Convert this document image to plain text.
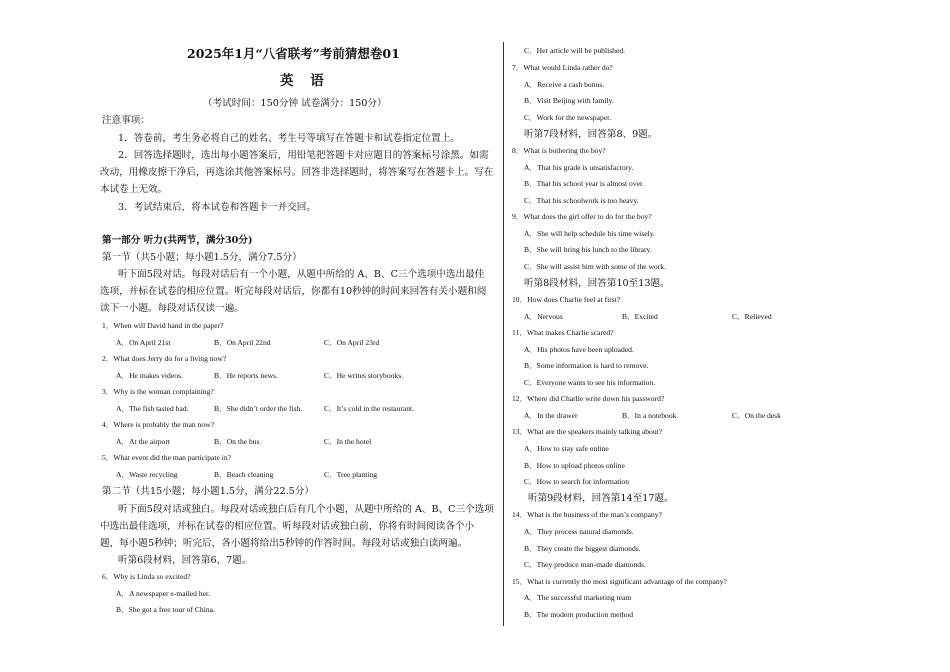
2025年1月“八省联考”考前猜想卷01
英 语
（考试时间：150分钟 试卷满分：150分）
注意事项：
1．答卷前，考生务必将自己的姓名、考生号等填写在答题卡和试卷指定位置上。
2．回答选择题时，选出每小题答案后，用铅笔把答题卡对应题目的答案标号涂黑。如需
改动，用橡皮擦干净后，再选涂其他答案标号。回答非选择题时，将答案写在答题卡上。写在
本试卷上无效。
3．考试结束后，将本试卷和答题卡一并交回。
第一部分 听力(共两节，满分30分)
第一节（共5小题；每小题1.5分，满分7.5分）
听下面5段对话。每段对话后有一个小题，从题中所给的 A、B、C三个选项中选出最佳
选项，并标在试卷的相应位置。听完每段对话后，你都有10秒钟的时间来回答有关小题和阅
读下一小题。每段对话仅读一遍。
1．When will David hand in the paper?
A．On April 21st	B．On April 22nd	C．On April 23rd
2．What does Jerry do for a living now?
A．He makes videos.	B．He reports news.	C．He writes storybooks.
3．Why is the woman complaining?
A．The fish tasted bad.	B．She didn’t order the fish.	C．It’s cold in the restaurant.
4．Where is probably the man now?
A．At the airport	B．On the bus	C．In the hotel
5．What event did the man participate in?
A．Waste recycling	B．Beach cleaning	C．Tree planting
第二节（共15小题；每小题1.5分，满分22.5分）
听下面5段对话或独白。每段对话或独白后有几个小题，从题中所给的 A、B、C三个选项
中选出最佳选项，并标在试卷的相应位置。听每段对话或独白前，你将有时间阅读各个小
题，每小题5秒钟；听完后，各小题将给出5秒钟的作答时间。每段对话或独白读两遍。
听第6段材料，回答第6、7题。
6．Why is Linda so excited?
A．A newspaper e-mailed her.
B．She got a free tour of China.
C．Her article will be published.
7．What would Linda rather do?
A．Receive a cash bonus.
B．Visit Beijing with family.
C．Work for the newspaper.
听第7段材料，回答第8、9题。
8．What is bothering the boy?
A．That his grade is unsatisfactory.
B．That his school year is almost over.
C．That his schoolwork is too heavy.
9．What does the girl offer to do for the boy?
A．She will help schedule his time wisely.
B．She will bring his lunch to the library.
C．She will assist him with some of the work.
听第8段材料，回答第10至13题。
10．How does Charlie feel at first?
A．Nervous	B．Excited	C．Relieved
11．What makes Charlie scared?
A．His photos have been uploaded.
B．Some information is hard to remove.
C．Everyone wants to see his information.
12．Where did Charlie write down his password?
A．In the drawer	B．In a notebook	C．On the desk
13．What are the speakers mainly talking about?
A．How to stay safe online
B．How to upload photos online
C．How to search for information
听第9段材料，回答第14至17题。
14．What is the business of the man’s company?
A．They process natural diamonds.
B．They create the biggest diamonds.
C．They produce man-made diamonds.
15．What is currently the most significant advantage of the company?
A．The successful marketing team
B．The modern production method
